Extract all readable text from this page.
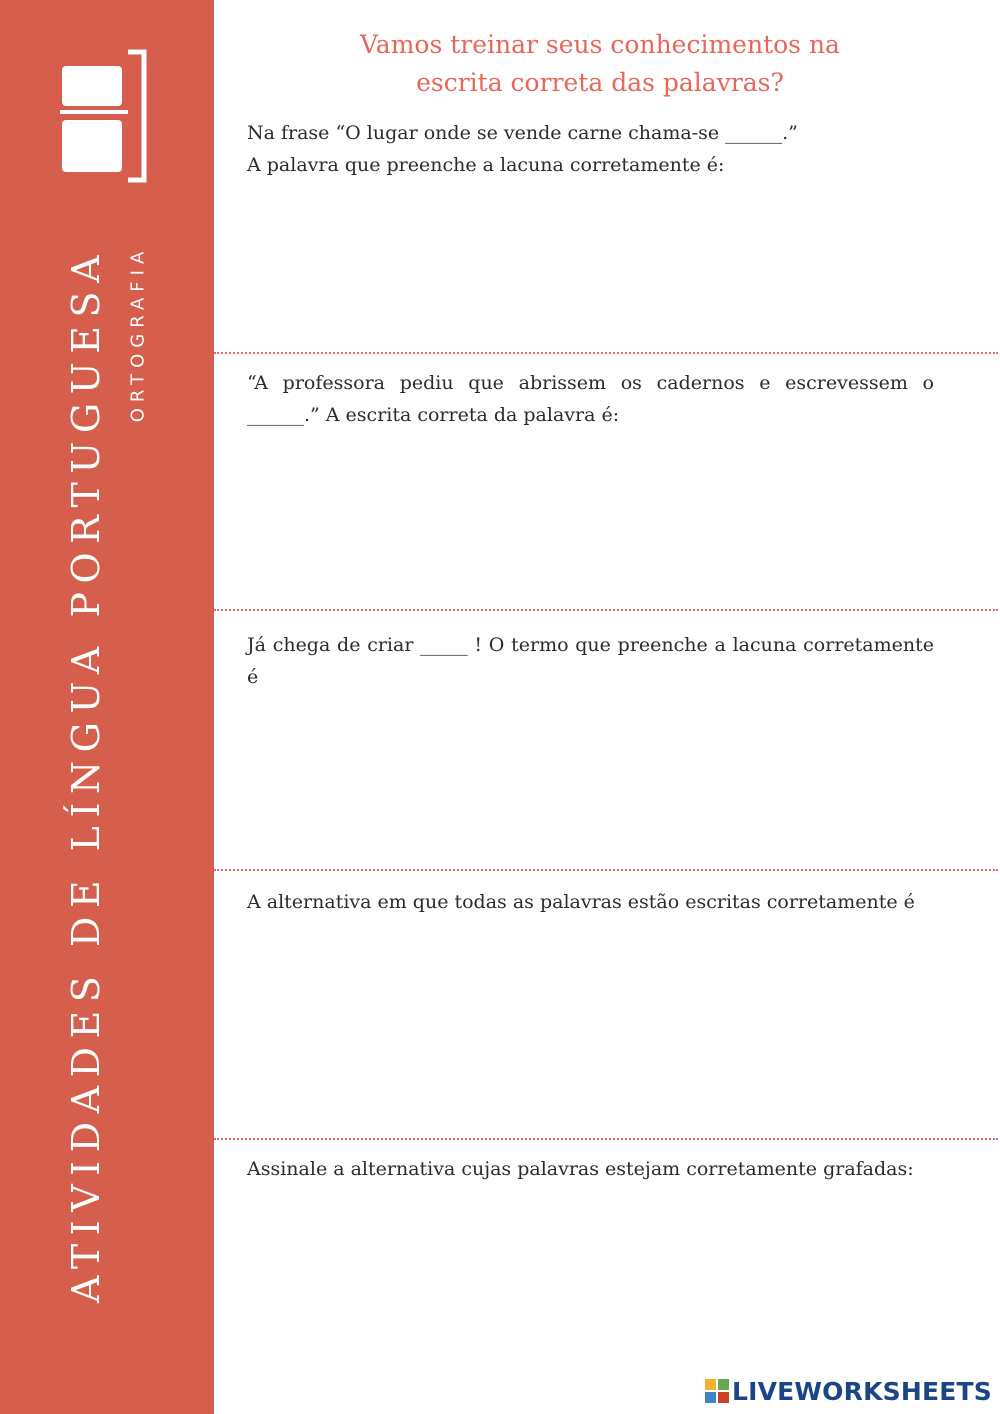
ATIVIDADES DE LÍNGUA PORTUGUESA ORTOGRAFIA
Vamos treinar seus conhecimentos na
escrita correta das palavras?
Na frase “O lugar onde se vende carne chama-se ______.”
A palavra que preenche a lacuna corretamente é:
“A professora pediu que abrissem os cadernos e escrevessem o ______.” A escrita correta da palavra é:
Já chega de criar _____ ! O termo que preenche a lacuna corretamente é
A alternativa em que todas as palavras estão escritas corretamente é
Assinale a alternativa cujas palavras estejam corretamente grafadas:
LIVEWORKSHEETS
